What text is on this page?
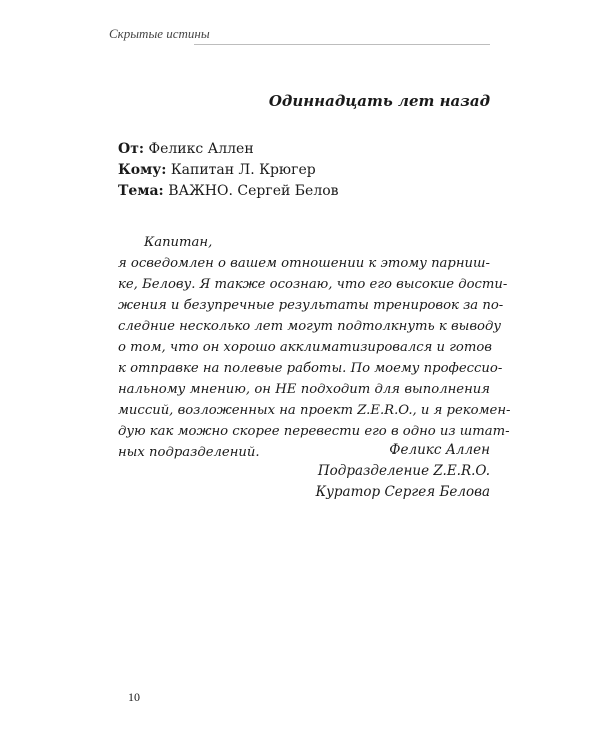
Скрытые истины
Одиннадцать лет назад
От: Феликс Аллен
Кому: Капитан Л. Крюгер
Тема: ВАЖНО. Сергей Белов
Капитан,
я осведомлен о вашем отношении к этому парниш-
ке, Белову. Я также осознаю, что его высокие дости-
жения и безупречные результаты тренировок за по-
следние несколько лет могут подтолкнуть к выводу
о том, что он хорошо акклиматизировался и готов
к отправке на полевые работы. По моему профессио-
нальному мнению, он НЕ подходит для выполнения
миссий, возложенных на проект Z.E.R.O., и я рекомен-
дую как можно скорее перевести его в одно из штат-
ных подразделений.	Феликс Аллен
Подразделение Z.E.R.O.
Куратор Сергея Белова
10
